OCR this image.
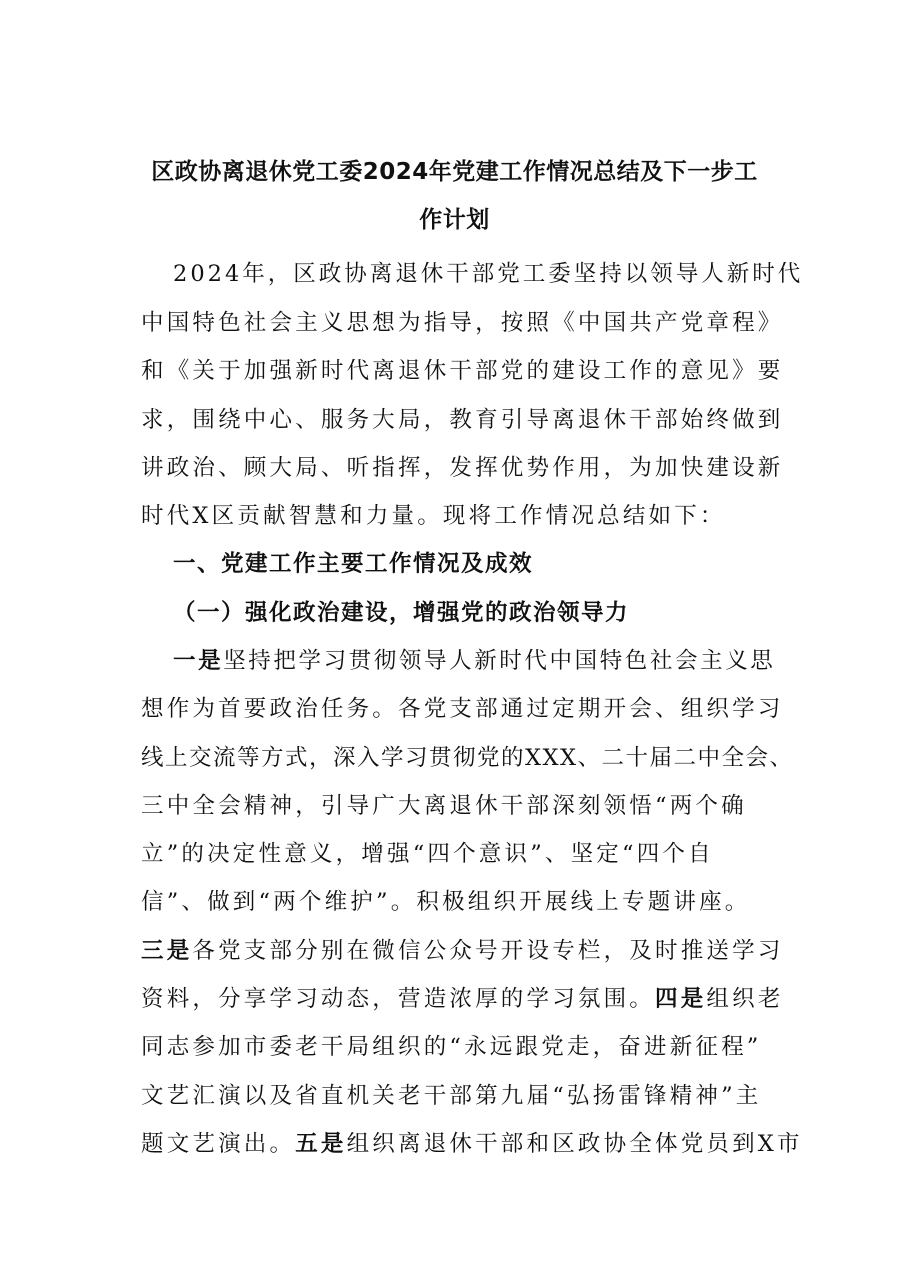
区政协离退休党工委2024年党建工作情况总结及下一步工
作计划
2024年，区政协离退休干部党工委坚持以领导人新时代
中国特色社会主义思想为指导，按照《中国共产党章程》
和《关于加强新时代离退休干部党的建设工作的意见》要
求，围绕中心、服务大局，教育引导离退休干部始终做到
讲政治、顾大局、听指挥，发挥优势作用，为加快建设新
时代X区贡献智慧和力量。现将工作情况总结如下：
一、党建工作主要工作情况及成效
（一）强化政治建设，增强党的政治领导力
一是坚持把学习贯彻领导人新时代中国特色社会主义思
想作为首要政治任务。各党支部通过定期开会、组织学习
线上交流等方式，深入学习贯彻党的XXX、二十届二中全会、
三中全会精神，引导广大离退休干部深刻领悟“两个确
立”的决定性意义，增强“四个意识”、坚定“四个自
信”、做到“两个维护”。积极组织开展线上专题讲座。
三是各党支部分别在微信公众号开设专栏，及时推送学习
资料，分享学习动态，营造浓厚的学习氛围。四是组织老
同志参加市委老干局组织的“永远跟党走，奋进新征程”
文艺汇演以及省直机关老干部第九届“弘扬雷锋精神”主
题文艺演出。五是组织离退休干部和区政协全体党员到X市
